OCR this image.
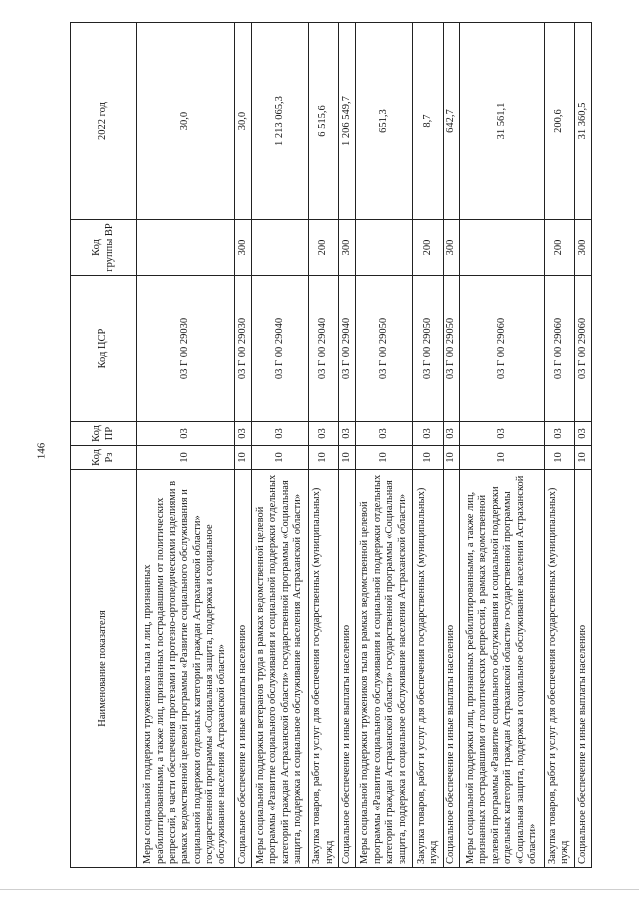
146
Наименование показателя	Код Рз	Код ПР	Код ЦСР	Код группы ВР	2022 год
Меры социальной поддержки тружеников тыла и лиц, признанных реабилитированными, а также лиц, признанных пострадавшими от политических репрессий, в части обеспечения протезами и протезно-ортопедическими изделиями в рамках ведомственной целевой программы «Развитие социального обслуживания и социальной поддержки отдельных категорий граждан Астраханской области» государственной программы «Социальная защита, поддержка и социальное обслуживание населения Астраханской области»	10	03	03 Г 00 29030		30,0
Социальное обеспечение и иные выплаты населению	10	03	03 Г 00 29030	300	30,0
Меры социальной поддержки ветеранов труда в рамках ведомственной целевой программы «Развитие социального обслуживания и социальной поддержки отдельных категорий граждан Астраханской области» государственной программы «Социальная защита, поддержка и социальное обслуживание населения Астраханской области»	10	03	03 Г 00 29040		1 213 065,3
Закупка товаров, работ и услуг для обеспечения государственных (муниципальных) нужд	10	03	03 Г 00 29040	200	6 515,6
Социальное обеспечение и иные выплаты населению	10	03	03 Г 00 29040	300	1 206 549,7
Меры социальной поддержки тружеников тыла в рамках ведомственной целевой программы «Развитие социального обслуживания и социальной поддержки отдельных категорий граждан Астраханской области» государственной программы «Социальная защита, поддержка и социальное обслуживание населения Астраханской области»	10	03	03 Г 00 29050		651,3
Закупка товаров, работ и услуг для обеспечения государственных (муниципальных) нужд	10	03	03 Г 00 29050	200	8,7
Социальное обеспечение и иные выплаты населению	10	03	03 Г 00 29050	300	642,7
Меры социальной поддержки лиц, признанных реабилитированными, а также лиц, признанных пострадавшими от политических репрессий, в рамках ведомственной целевой программы «Развитие социального обслуживания и социальной поддержки отдельных категорий граждан Астраханской области» государственной программы «Социальная защита, поддержка и социальное обслуживание населения Астраханской области»	10	03	03 Г 00 29060		31 561,1
Закупка товаров, работ и услуг для обеспечения государственных (муниципальных) нужд	10	03	03 Г 00 29060	200	200,6
Социальное обеспечение и иные выплаты населению	10	03	03 Г 00 29060	300	31 360,5
